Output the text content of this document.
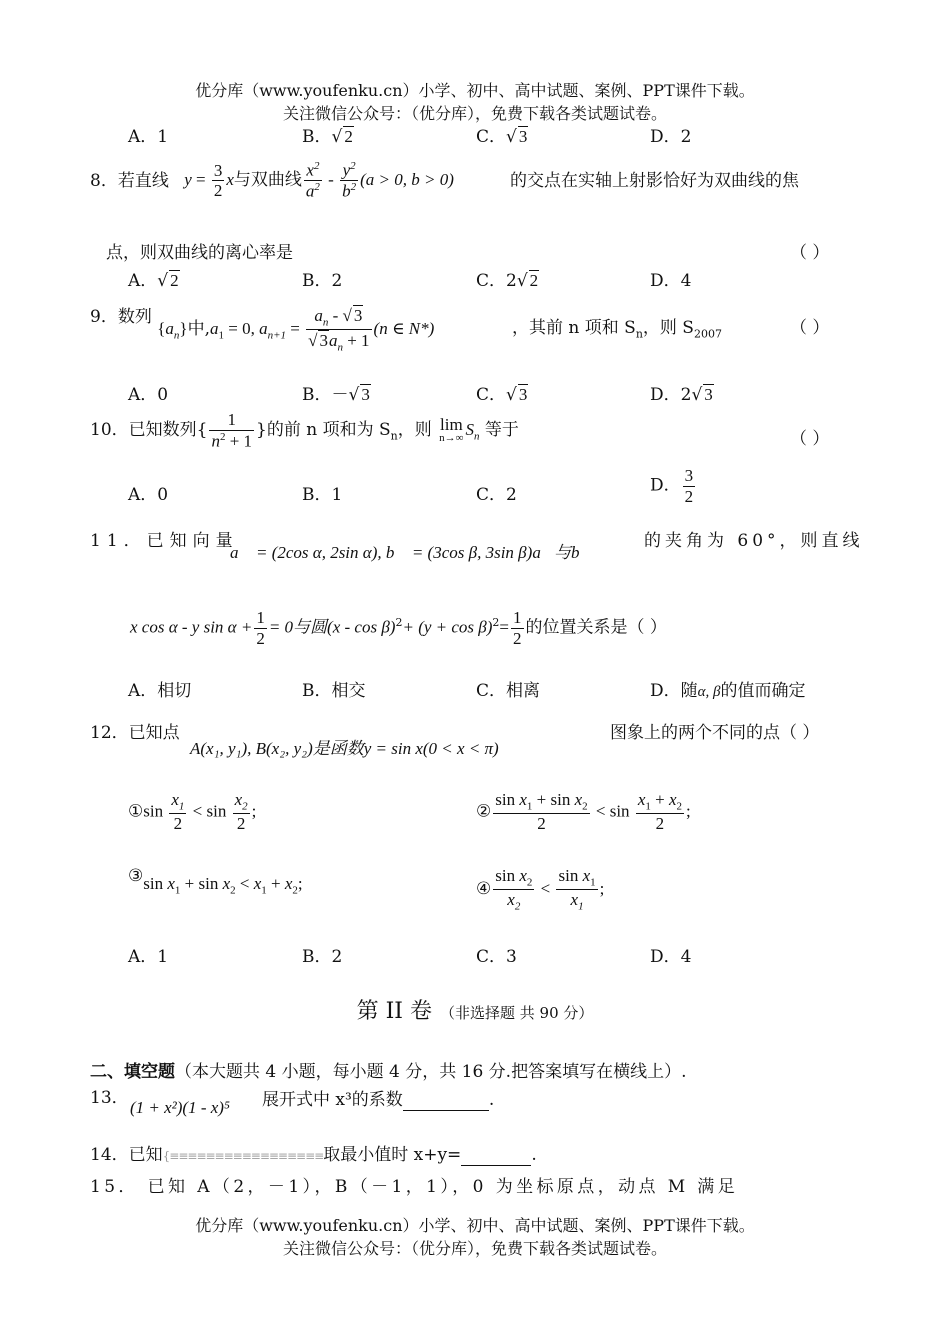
优分库（www.youfenku.cn）小学、初中、高中试题、案例、PPT课件下载。
关注微信公众号：（优分库），免费下载各类试题试卷。
A．1	B．√ 2	C．√ 3	D．2
8．若直线 $y = \frac{3}{2}$ x与双曲线 $\frac{x^2}{a^2} - \frac{y^2}{b^2} (a > 0$, b > 0)	的交点在实轴上射影恰好为双曲线的焦
点，则双曲线的离心率是	（ ）
A．√ 2	B．2	C．2√ 2	D．4
9．数列 $\{a_n\}$中$,a_1 = 0$, $a_{n+1} = \frac{a_n - √ 3}{√ 3a_n + 1} (n$ ∈ N*)	，其前 n 项和 $S_n$，则 $S_{2007}$	（ ）
A．0	B．－√ 3	C．√ 3	D．2√ 3
10．已知数列{ $\frac{1}{n^2 + 1}$ }的前 n 项和为 $S_n$，则 lim
n→∞ $S_n$ 等于	（ ）
A．0	B．1	C．2	D． $\frac{3}{2}$
11．已知向量
a⃗ = (2cos α, 2sin α), b⃗ = (3cos β, 3sin β)a⃗与b⃗
的夹角为 60°，则直线
x cos α - y $\sin \alpha + \frac{1}{2} = 0$与圆$(x - \cos \beta)^2+ (y + \cos \beta)^2= \frac{1}{2}$ 的位置关系是（ ）
A．相切	B．相交	C．相离	D．随α, β的值而确定
12．已知点
A(x₁, y₁), B(x₂, y₂)是函数y = sin x(0 < x < π)
图象上的两个不同的点（ ）
①sin $\frac{x_1}{2} < \sin \frac{x_2}{2}$ ;	② $\frac{\sin x_1 + \sin x_2}{2} < \sin \frac{x_1 + x_2}{2}$ ;
③sin $x_1 + \sin x_2 < x_1 + x_2$;	④ $\frac{\sin x_2}{x_2} < \frac{\sin x_1}{x_1}$ ;
A．1	B．2	C．3	D．4
第 II 卷 （非选择题 共 90 分）
二、填空题（本大题共 4 小题，每小题 4 分，共 16 分.把答案填写在横线上）.
13． (1 + x²)(1 - x)⁵ 展开式中 x³的系数	.
14．已知{≡≡≡≡≡≡≡≡≡≡≡≡≡≡≡≡≡取最小值时 x+y=	.
15． 已知 A（2，－1），B（－1，1），0 为坐标原点，动点 M 满足
优分库（www.youfenku.cn）小学、初中、高中试题、案例、PPT课件下载。
关注微信公众号：（优分库），免费下载各类试题试卷。
